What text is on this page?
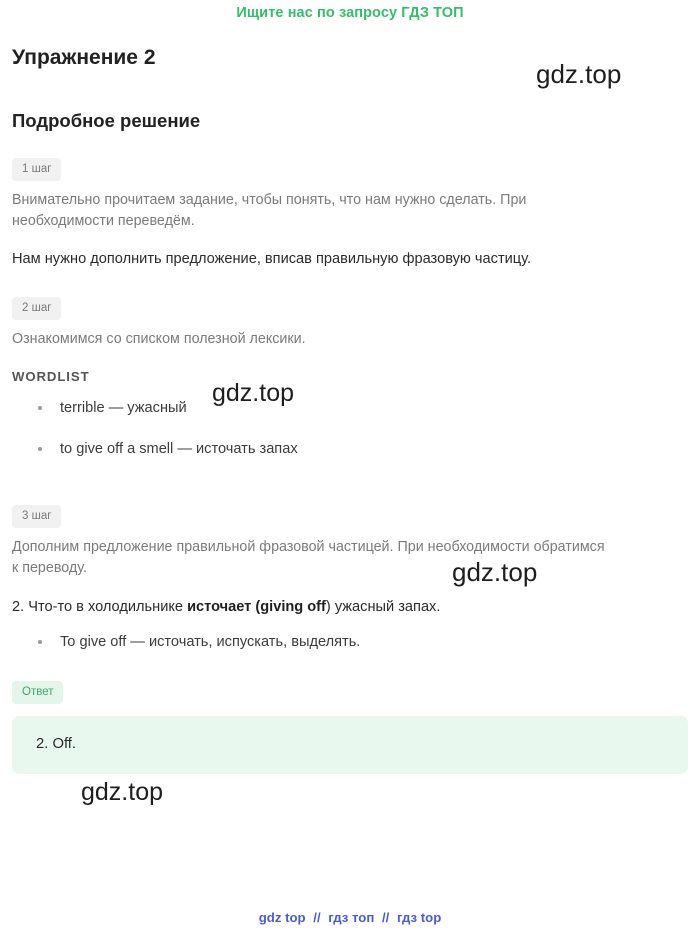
Ищите нас по запросу ГДЗ ТОП
Упражнение 2
Подробное решение
1 шаг

Внимательно прочитаем задание, чтобы понять, что нам нужно сделать. При необходимости переведём.

Нам нужно дополнить предложение, вписав правильную фразовую частицу.

2 шаг

Ознакомимся со списком полезной лексики.

WORDLIST
terrible — ужасный
to give off a smell — источать запах
3 шаг

Дополним предложение правильной фразовой частицей. При необходимости обратимся к переводу.

2. Что-то в холодильнике источает (giving off) ужасный запах.

To give off — источать, испускать, выделять.
Ответ
2. Off.
gdz.top
gdz.top
gdz.top
gdz.top
gdz top // гдз топ // гдз top
